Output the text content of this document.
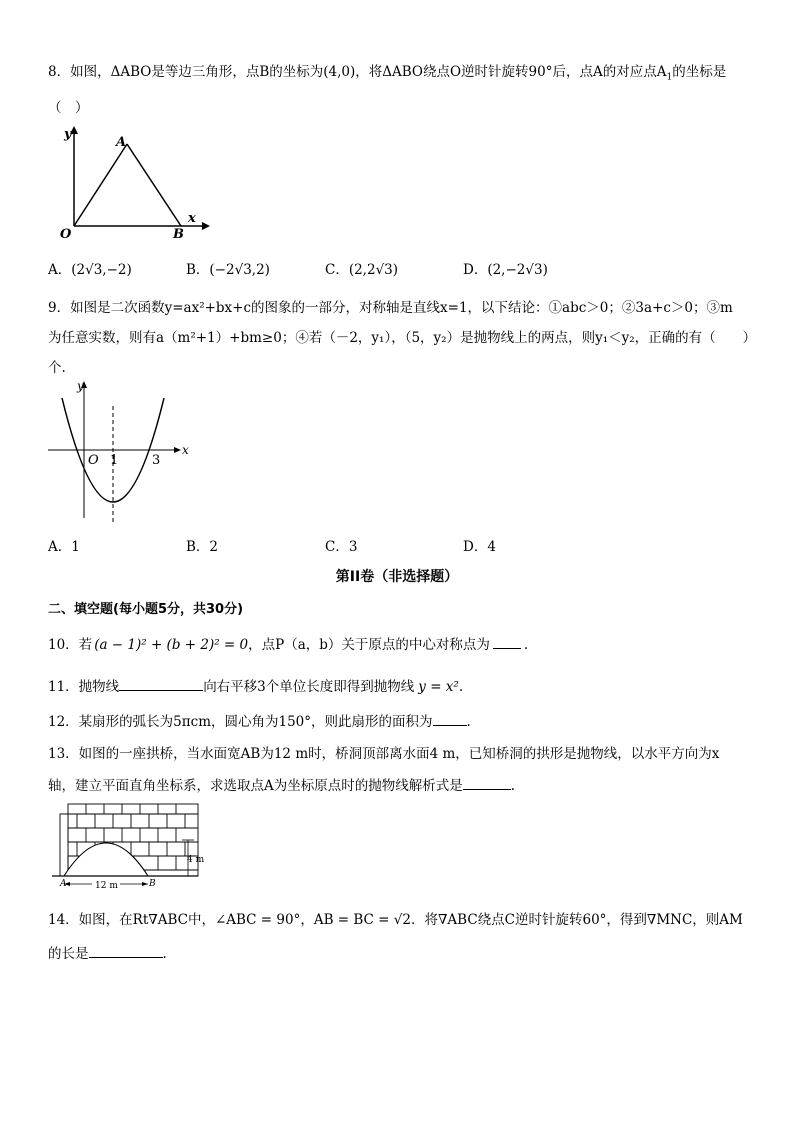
8．如图，ΔABO是等边三角形，点B的坐标为(4,0)，将ΔABO绕点O逆时针旋转90°后，点A的对应点$A_1$的坐标是
（　）
y
x
A
O	B
A．(2√3,−2)	B．(−2√3,2)	C．(2,2√3)	D．(2,−2√3)
9．如图是二次函数y=ax²+bx+c的图象的一部分，对称轴是直线x=1，以下结论：①abc＞0；②3a+c＞0；③m
为任意实数，则有a（m²+1）+bm≥0；④若（－2，y₁），（5，y₂）是抛物线上的两点，则y₁＜y₂，正确的有（　　）
个.
y
x
O 1	3
A．1	B．2	C．3	D．4
第II卷（非选择题）
二、填空题(每小题5分，共30分)
10．若 (a − 1)² + (b + 2)² = 0，点P（a，b）关于原点的中心对称点为	.
11．抛物线	向右平移3个单位长度即得到抛物线 y = x².
12．某扇形的弧长为5πcm，圆心角为150°，则此扇形的面积为	.
13．如图的一座拱桥，当水面宽AB为12 m时，桥洞顶部离水面4 m，已知桥洞的拱形是抛物线，以水平方向为x
轴，建立平面直角坐标系，求选取点A为坐标原点时的抛物线解析式是	.
4 m
12 m
A	B
14．如图，在Rt∇ABC中，∠ABC = 90°，AB = BC = √2．将∇ABC绕点C逆时针旋转60°，得到∇MNC，则AM
的长是	.
